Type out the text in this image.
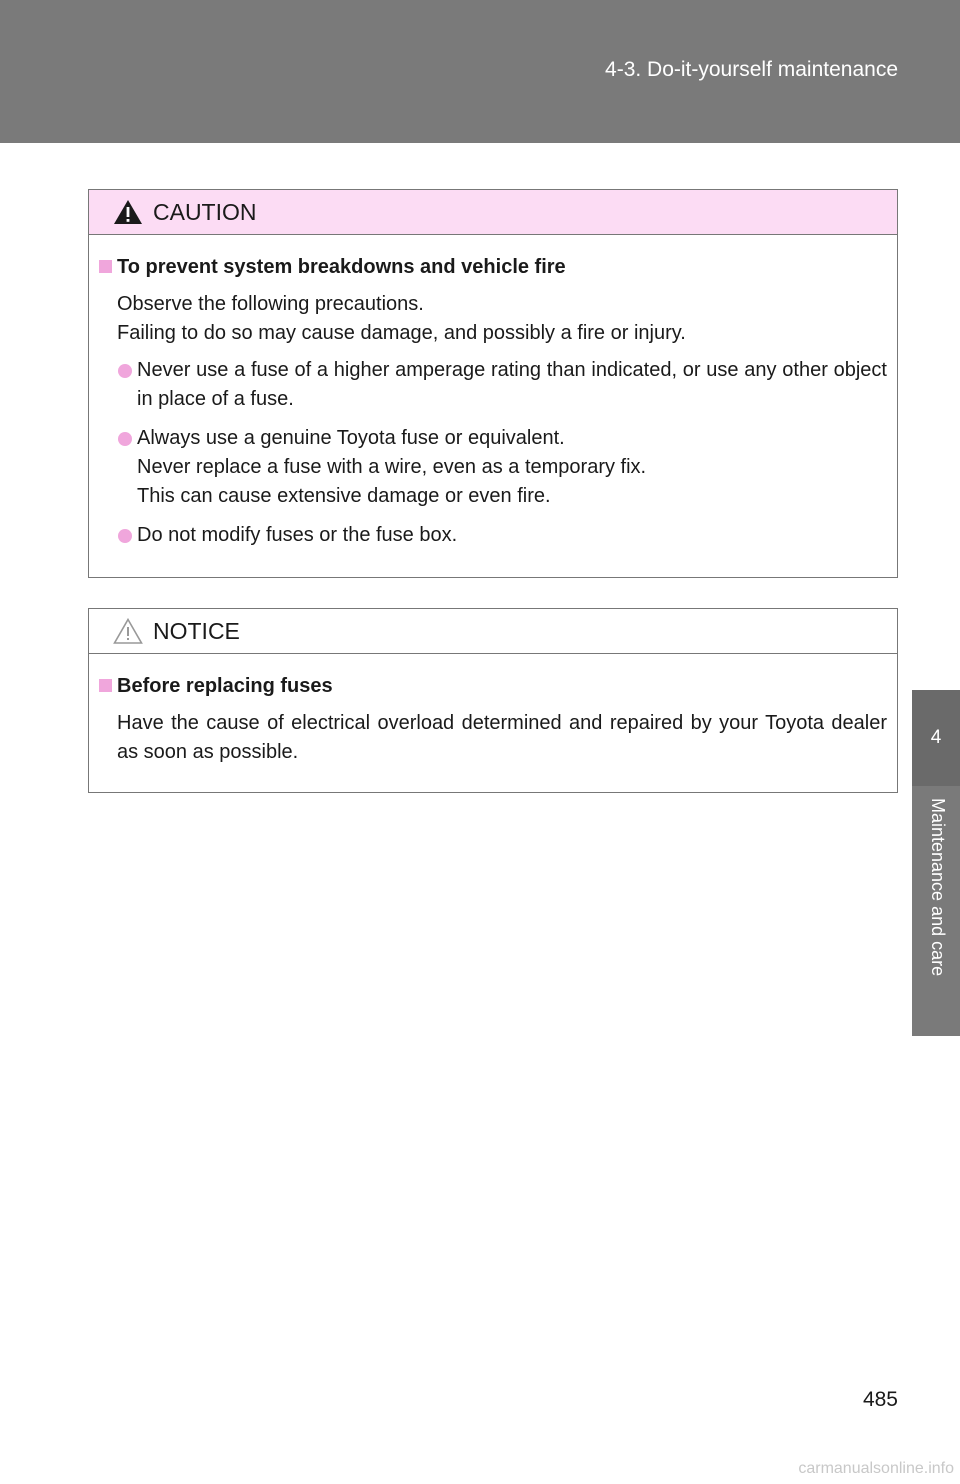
4-3. Do-it-yourself maintenance
4
Maintenance and care
CAUTION
To prevent system breakdowns and vehicle fire
Observe the following precautions.
Failing to do so may cause damage, and possibly a fire or injury.
Never use a fuse of a higher amperage rating than indicated, or use any other object in place of a fuse.
Always use a genuine Toyota fuse or equivalent.
Never replace a fuse with a wire, even as a temporary fix.
This can cause extensive damage or even fire.
Do not modify fuses or the fuse box.
NOTICE
Before replacing fuses
Have the cause of electrical overload determined and repaired by your Toyota dealer as soon as possible.
485
carmanualsonline.info
